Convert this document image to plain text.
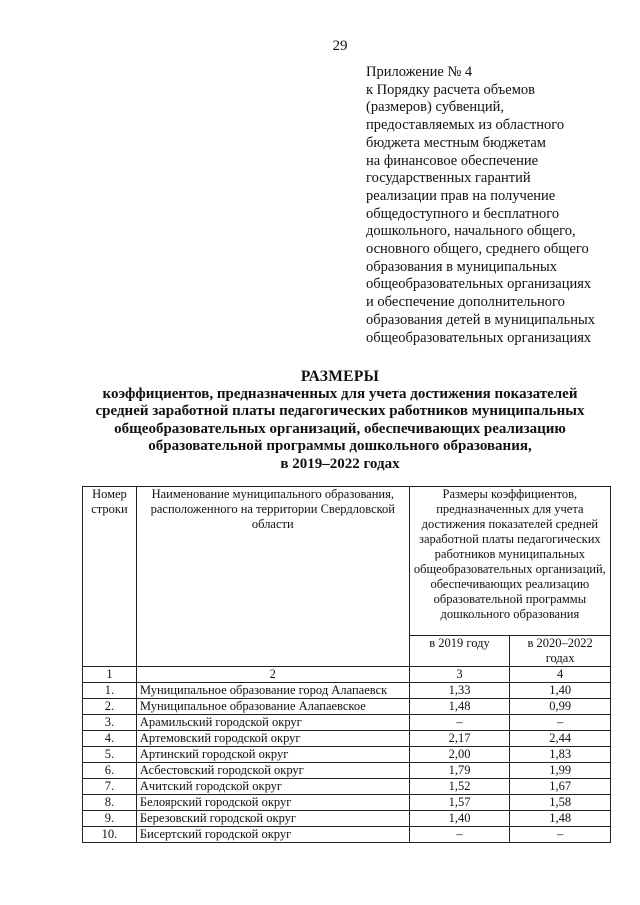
29
Приложение № 4
к Порядку расчета объемов
(размеров) субвенций,
предоставляемых из областного
бюджета местным бюджетам
на финансовое обеспечение
государственных гарантий
реализации прав на получение
общедоступного и бесплатного
дошкольного, начального общего,
основного общего, среднего общего
образования в муниципальных
общеобразовательных организациях
и обеспечение дополнительного
образования детей в муниципальных
общеобразовательных организациях
РАЗМЕРЫ
коэффициентов, предназначенных для учета достижения показателей
средней заработной платы педагогических работников муниципальных
общеобразовательных организаций, обеспечивающих реализацию
образовательной программы дошкольного образования,
в 2019–2022 годах
Номер строки	Наименование муниципального образования, расположенного на территории Свердловской области	Размеры коэффициентов, предназначенных для учета достижения показателей средней заработной платы педагогических работников муниципальных общеобразовательных организаций, обеспечивающих реализацию образовательной программы дошкольного образования	
		в 2019 году	в 2020–2022 годах
1	2	3	4
1.	Муниципальное образование город Алапаевск	1,33	1,40
2.	Муниципальное образование Алапаевское	1,48	0,99
3.	Арамильский городской округ	–	–
4.	Артемовский городской округ	2,17	2,44
5.	Артинский городской округ	2,00	1,83
6.	Асбестовский городской округ	1,79	1,99
7.	Ачитский городской округ	1,52	1,67
8.	Белоярский городской округ	1,57	1,58
9.	Березовский городской округ	1,40	1,48
10.	Бисертский городской округ	–	–
